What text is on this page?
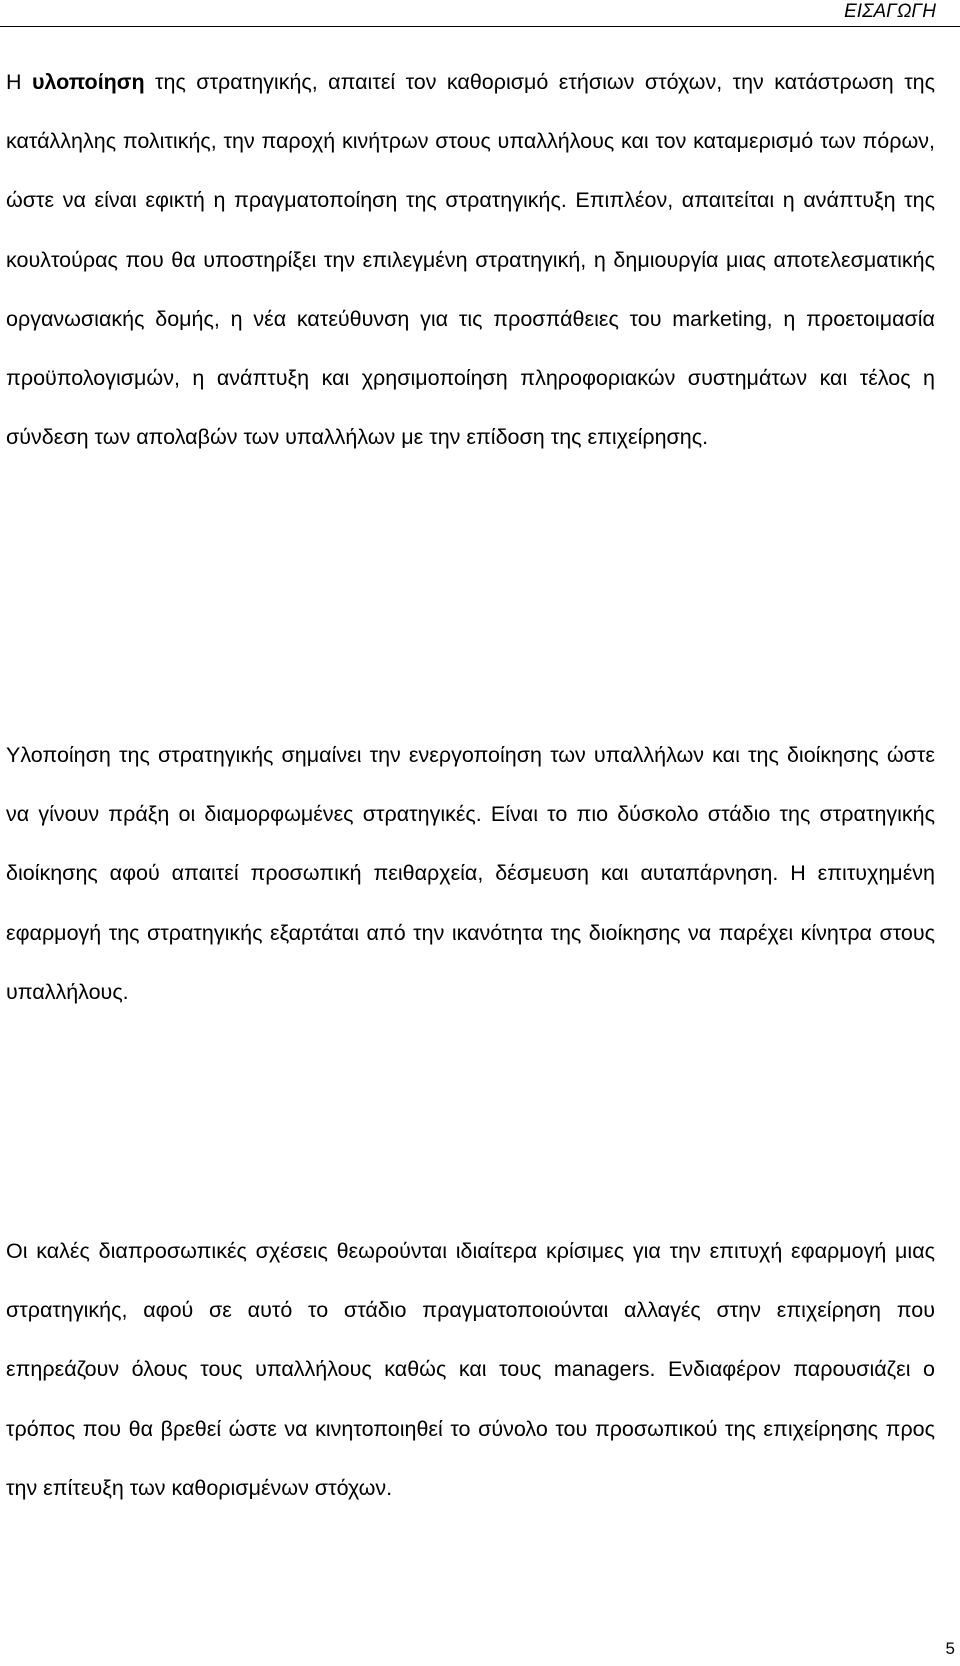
ΕΙΣΑΓΩΓΗ

Η υλοποίηση της στρατηγικής, απαιτεί τον καθορισμό ετήσιων στόχων, την κατάστρωση της κατάλληλης πολιτικής, την παροχή κινήτρων στους υπαλλήλους και τον καταμερισμό των πόρων, ώστε να είναι εφικτή η πραγματοποίηση της στρατηγικής. Επιπλέον, απαιτείται η ανάπτυξη της κουλτούρας που θα υποστηρίξει την επιλεγμένη στρατηγική, η δημιουργία μιας αποτελεσματικής οργανωσιακής δομής, η νέα κατεύθυνση για τις προσπάθειες του marketing, η προετοιμασία προϋπολογισμών, η ανάπτυξη και χρησιμοποίηση πληροφοριακών συστημάτων και τέλος η σύνδεση των απολαβών των υπαλλήλων με την επίδοση της επιχείρησης.

Υλοποίηση της στρατηγικής σημαίνει την ενεργοποίηση των υπαλλήλων και της διοίκησης ώστε να γίνουν πράξη οι διαμορφωμένες στρατηγικές. Είναι το πιο δύσκολο στάδιο της στρατηγικής διοίκησης αφού απαιτεί προσωπική πειθαρχεία, δέσμευση και αυταπάρνηση. Η επιτυχημένη εφαρμογή της στρατηγικής εξαρτάται από την ικανότητα της διοίκησης να παρέχει κίνητρα στους υπαλλήλους.

Οι καλές διαπροσωπικές σχέσεις θεωρούνται ιδιαίτερα κρίσιμες για την επιτυχή εφαρμογή μιας στρατηγικής, αφού σε αυτό το στάδιο πραγματοποιούνται αλλαγές στην επιχείρηση που επηρεάζουν όλους τους υπαλλήλους καθώς και τους managers. Ενδιαφέρον παρουσιάζει ο τρόπος που θα βρεθεί ώστε να κινητοποιηθεί το σύνολο του προσωπικού της επιχείρησης προς την επίτευξη των καθορισμένων στόχων.

5
